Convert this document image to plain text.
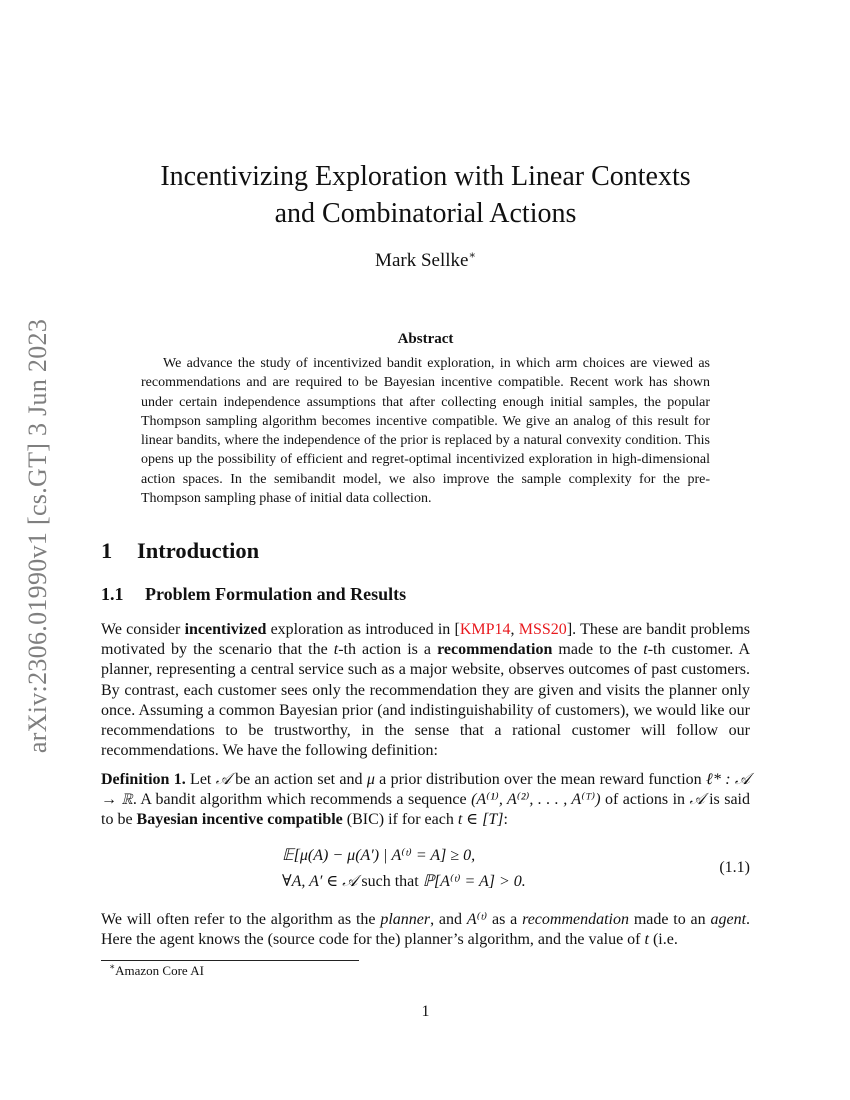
arXiv:2306.01990v1 [cs.GT] 3 Jun 2023
Incentivizing Exploration with Linear Contexts
and Combinatorial Actions
Mark Sellke∗
Abstract
We advance the study of incentivized bandit exploration, in which arm choices are viewed as recommendations and are required to be Bayesian incentive compatible. Recent work has shown under certain independence assumptions that after collecting enough initial samples, the popular Thompson sampling algorithm becomes incentive compatible. We give an analog of this result for linear bandits, where the independence of the prior is replaced by a natural convexity condition. This opens up the possibility of efficient and regret-optimal incentivized exploration in high-dimensional action spaces. In the semibandit model, we also improve the sample complexity for the pre-Thompson sampling phase of initial data collection.
1 Introduction
1.1 Problem Formulation and Results
We consider incentivized exploration as introduced in [KMP14, MSS20]. These are bandit problems motivated by the scenario that the t-th action is a recommendation made to the t-th customer. A planner, representing a central service such as a major website, observes outcomes of past customers. By contrast, each customer sees only the recommendation they are given and visits the planner only once. Assuming a common Bayesian prior (and indistinguishability of customers), we would like our recommendations to be trustworthy, in the sense that a rational customer will follow our recommendations. We have the following definition:
Definition 1. Let 𝒜 be an action set and μ a prior distribution over the mean reward function ℓ* : 𝒜 → ℝ. A bandit algorithm which recommends a sequence (A⁽¹⁾, A⁽²⁾, . . . , A⁽ᵀ⁾) of actions in 𝒜 is said to be Bayesian incentive compatible (BIC) if for each t ∈ [T]:
𝔼[μ(A) − μ(A′) | A⁽ᵗ⁾ = A] ≥ 0,
∀A, A′ ∈ 𝒜 such that ℙ[A⁽ᵗ⁾ = A] > 0.
(1.1)
We will often refer to the algorithm as the planner, and A⁽ᵗ⁾ as a recommendation made to an agent. Here the agent knows the (source code for the) planner’s algorithm, and the value of t (i.e.
∗Amazon Core AI
1
